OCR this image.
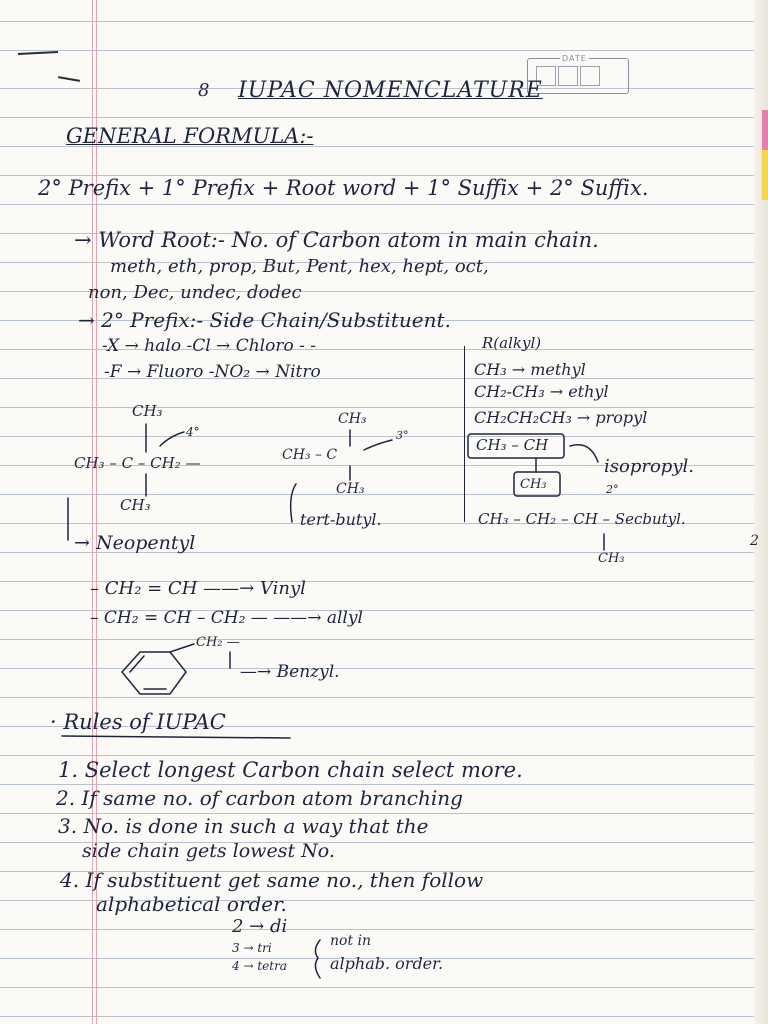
DATE
8 IUPAC NOMENCLATURE
GENERAL FORMULA:-
2° Prefix + 1° Prefix + Root word + 1° Suffix + 2° Suffix.
→ Word Root:- No. of Carbon atom in main chain.
meth, eth, prop, But, Pent, hex, hept, oct,
non, Dec, undec, dodec
→ 2° Prefix:- Side Chain/Substituent.
-X → halo -Cl → Chloro - -
-F → Fluoro -NO₂ → Nitro
R(alkyl)
CH₃ → methyl
CH₂-CH₃ → ethyl
CH₂CH₂CH₃ → propyl
CH₃ – CH
CH₃
isopropyl.
2°
CH₃ – CH₂ – CH – Secbutyl.
CH₃
2
CH₃
4°
CH₃ – C – CH₂ —
CH₃
→ Neopentyl
CH₃
3°
CH₃ – C
CH₃
tert-butyl.
– CH₂ = CH ——→ Vinyl
– CH₂ = CH – CH₂ — ——→ allyl
CH₂ —
—→ Benzyl.
· Rules of IUPAC
1. Select longest Carbon chain select more.
2. If same no. of carbon atom branching
3. No. is done in such a way that the
side chain gets lowest No.
4. If substituent get same no., then follow
alphabetical order.
2 → di
3 → tri
4 → tetra
not in
alphab. order.
